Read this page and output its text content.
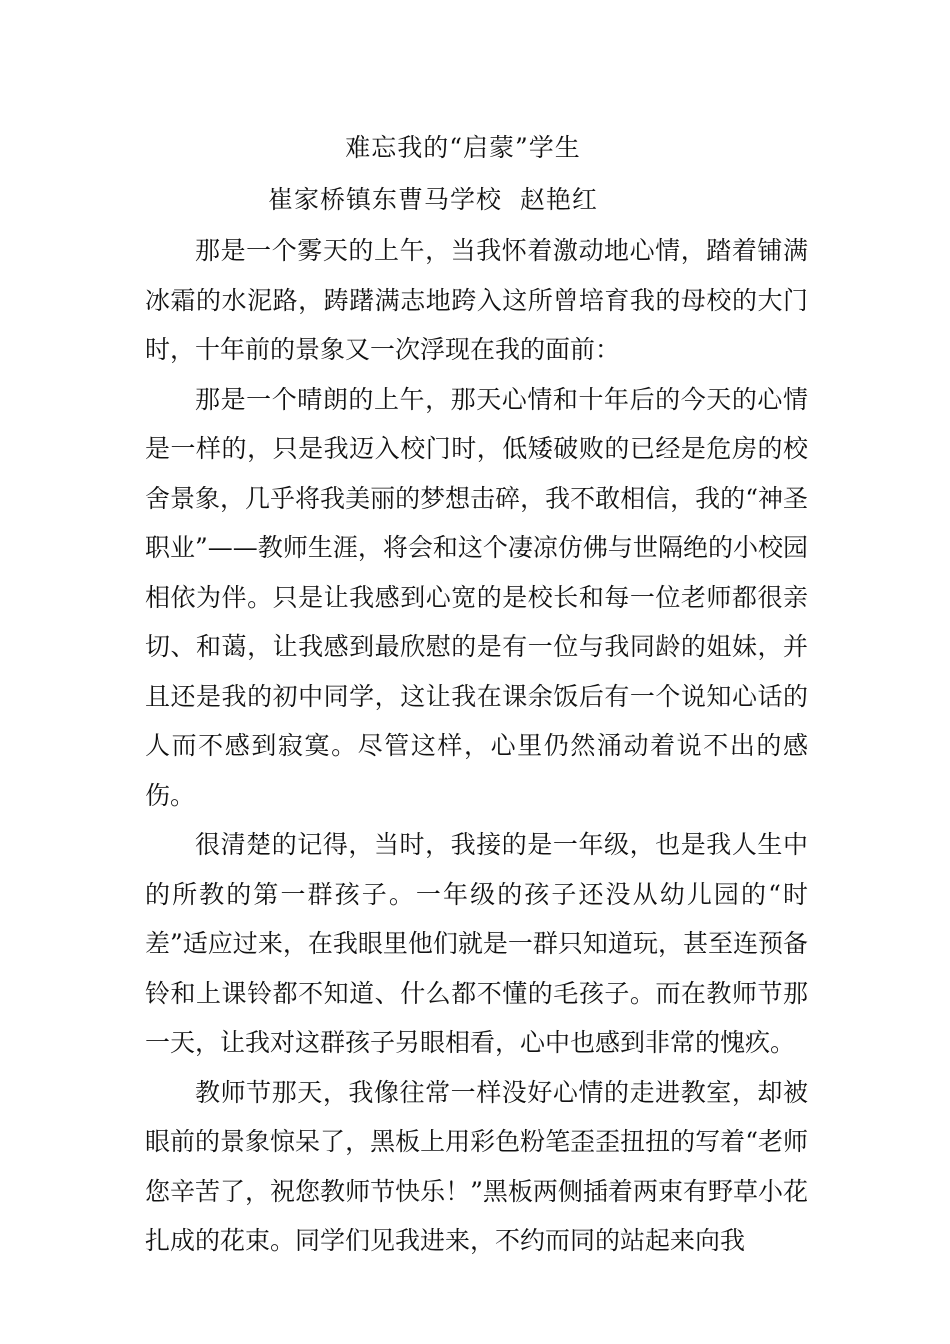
难忘我的“启蒙”学生
崔家桥镇东曹马学校  赵艳红

那是一个雾天的上午，当我怀着激动地心情，踏着铺满冰霜的水泥路，踌躇满志地跨入这所曾培育我的母校的大门时，十年前的景象又一次浮现在我的面前：

那是一个晴朗的上午，那天心情和十年后的今天的心情是一样的，只是我迈入校门时，低矮破败的已经是危房的校舍景象，几乎将我美丽的梦想击碎，我不敢相信，我的“神圣职业”——教师生涯，将会和这个凄凉仿佛与世隔绝的小校园相依为伴。只是让我感到心宽的是校长和每一位老师都很亲切、和蔼，让我感到最欣慰的是有一位与我同龄的姐妹，并且还是我的初中同学，这让我在课余饭后有一个说知心话的人而不感到寂寞。尽管这样，心里仍然涌动着说不出的感伤。

很清楚的记得，当时，我接的是一年级，也是我人生中的所教的第一群孩子。一年级的孩子还没从幼儿园的“时差”适应过来，在我眼里他们就是一群只知道玩，甚至连预备铃和上课铃都不知道、什么都不懂的毛孩子。而在教师节那一天，让我对这群孩子另眼相看，心中也感到非常的愧疚。

教师节那天，我像往常一样没好心情的走进教室，却被眼前的景象惊呆了，黑板上用彩色粉笔歪歪扭扭的写着“老师您辛苦了，祝您教师节快乐！”黑板两侧插着两束有野草小花扎成的花束。同学们见我进来，不约而同的站起来向我
